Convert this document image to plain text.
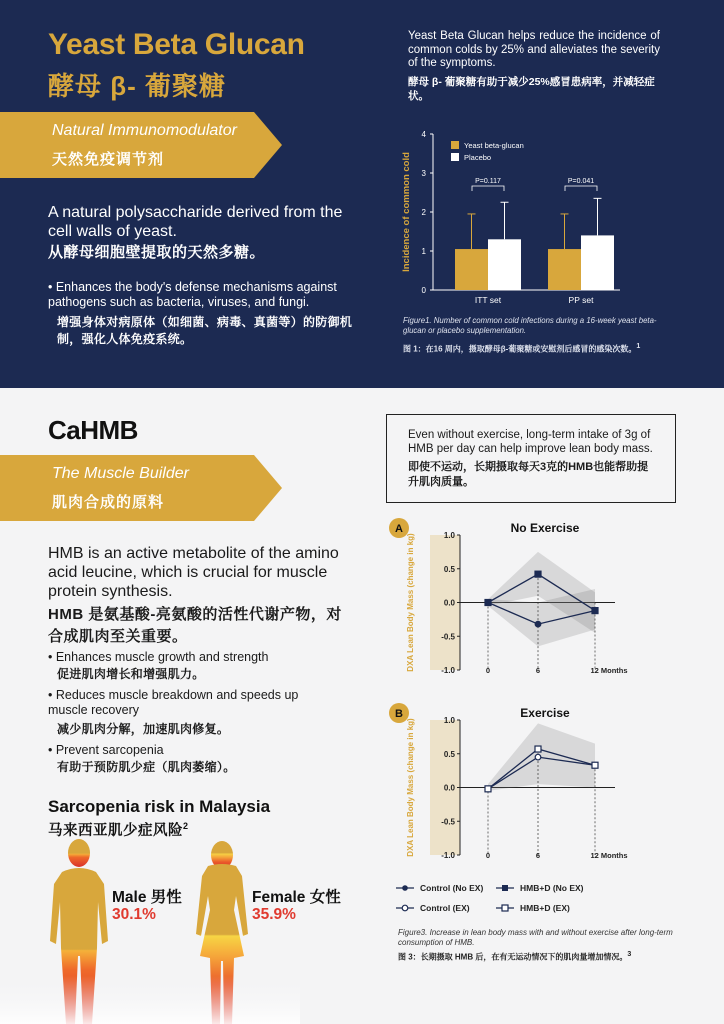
Yeast Beta Glucan
酵母 β- 葡聚糖
Natural Immunomodulator
天然免疫调节剂
A natural polysaccharide derived from the cell walls of yeast.
从酵母细胞壁提取的天然多糖。
• Enhances the body's defense mechanisms against pathogens such as bacteria, viruses, and fungi.
增强身体对病原体（如细菌、病毒、真菌等）的防御机制，强化人体免疫系统。
Yeast Beta Glucan helps reduce the incidence of common colds by 25% and alleviates the severity of the symptoms.
酵母 β- 葡聚糖有助于减少25%感冒患病率，并减轻症状。
0
1
2
3
4
Incidence of common cold
ITT set
P=0.117
PP set
P=0.041
Yeast beta-glucan
Placebo
Figure1. Number of common cold infections during a 16-week yeast beta-glucan or placebo supplementation.
图 1：在16 周内，摄取酵母β-葡聚糖或安慰剂后感冒的感染次数。$^1$
CaHMB
The Muscle Builder
肌肉合成的原料
Even without exercise, long-term intake of 3g of HMB per day can help improve lean body mass.
即使不运动，长期摄取每天3克的HMB也能帮助提升肌肉质量。
HMB is an active metabolite of the amino acid leucine, which is crucial for muscle protein synthesis.
HMB 是氨基酸-亮氨酸的活性代谢产物，对合成肌肉至关重要。
• Enhances muscle growth and strength
促进肌肉增长和增强肌力。
• Reduces muscle breakdown and speeds up muscle recovery
减少肌肉分解，加速肌肉修复。
• Prevent sarcopenia
有助于预防肌少症（肌肉萎缩）。
Sarcopenia risk in Malaysia
马来西亚肌少症风险$^2$
Male 男性
30.1%
Female 女性
35.9%
A	No Exercise
1.0
0.5
0.0
-0.5
-1.0
DXA Lean Body Mass (change in kg)	0	6	12 Months
B	Exercise
1.0
0.5
0.0
-0.5
-1.0
DXA Lean Body Mass (change in kg)	0	6	12 Months
Control (No EX)	HMB+D (No EX)
Control (EX)	HMB+D (EX)
Figure3. Increase in lean body mass with and without exercise after long-term consumption of HMB.
图 3：长期摄取 HMB 后，在有无运动情况下的肌肉量增加情况。$^3$
